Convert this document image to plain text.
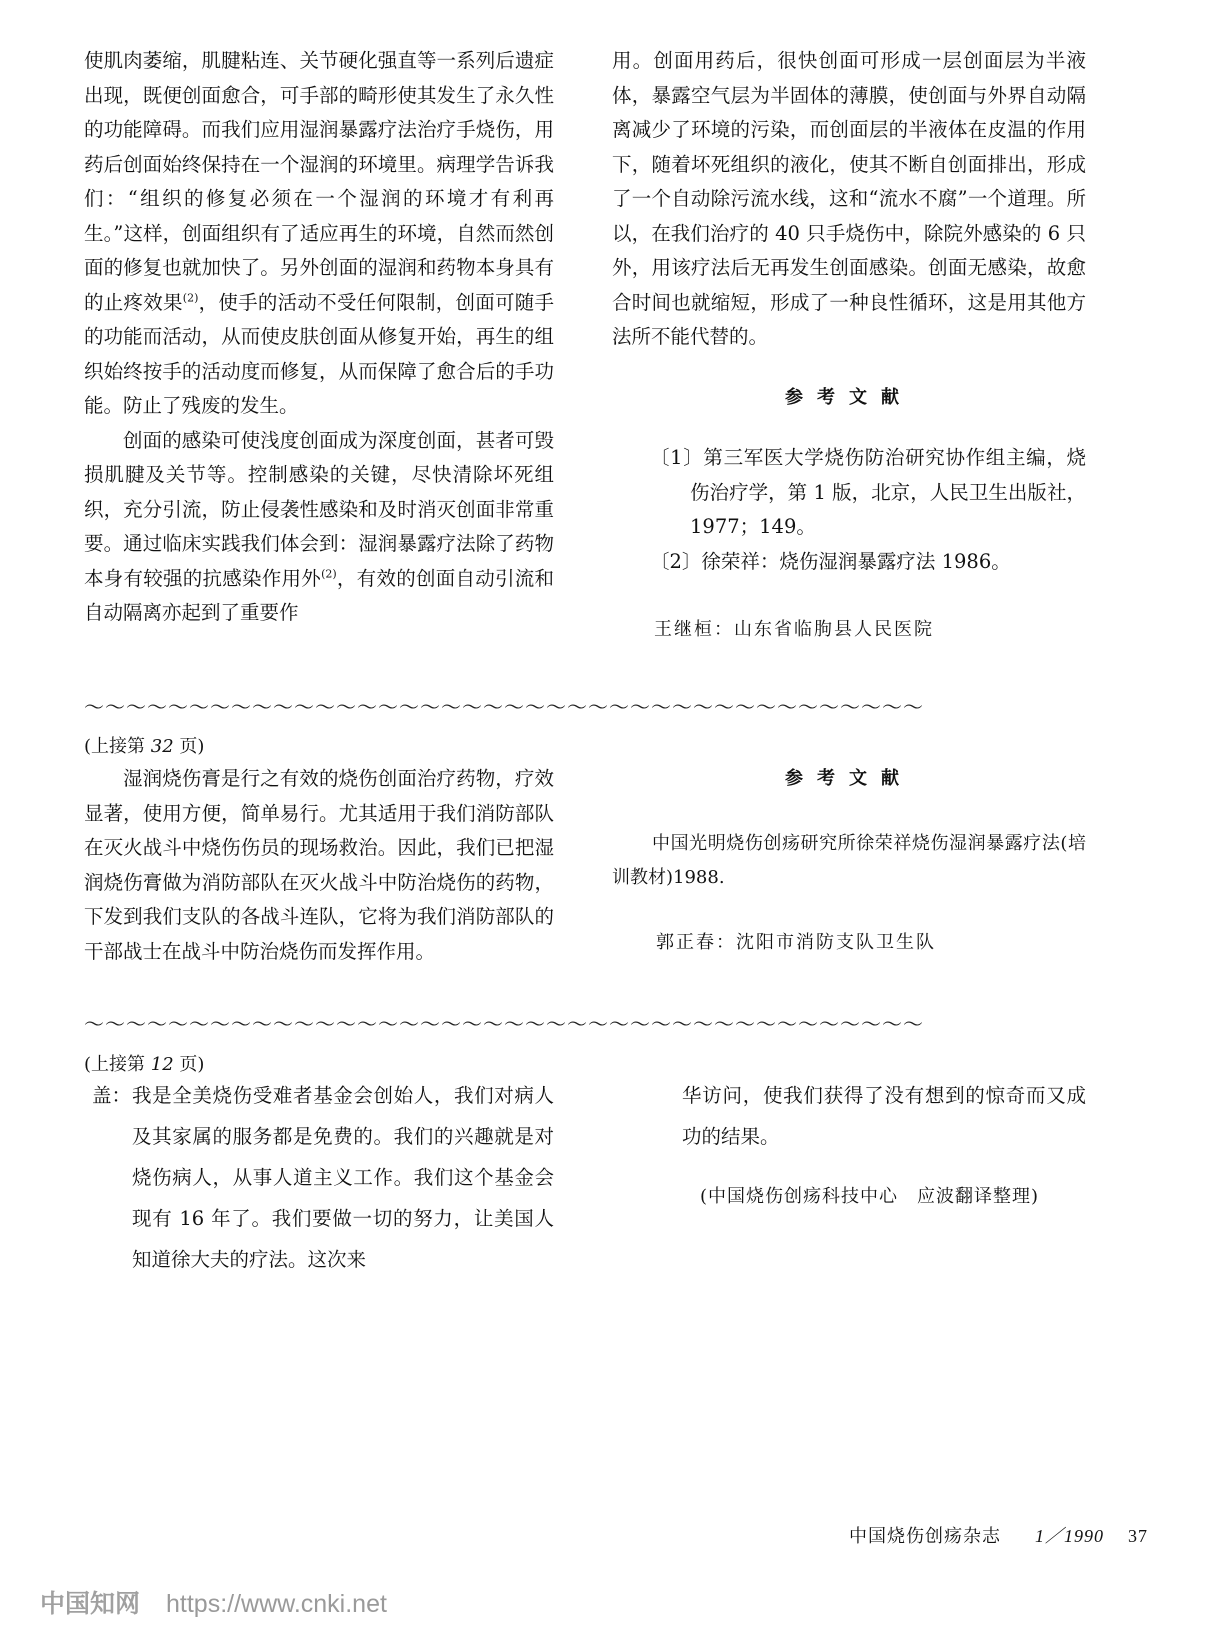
使肌肉萎缩，肌腱粘连、关节硬化强直等一系列后遗症出现，既便创面愈合，可手部的畸形使其发生了永久性的功能障碍。而我们应用湿润暴露疗法治疗手烧伤，用药后创面始终保持在一个湿润的环境里。病理学告诉我们：“组织的修复必须在一个湿润的环境才有利再生。”这样，创面组织有了适应再生的环境，自然而然创面的修复也就加快了。另外创面的湿润和药物本身具有的止疼效果$^{(2)}$，使手的活动不受任何限制，创面可随手的功能而活动，从而使皮肤创面从修复开始，再生的组织始终按手的活动度而修复，从而保障了愈合后的手功能。防止了残废的发生。

创面的感染可使浅度创面成为深度创面，甚者可毁损肌腱及关节等。控制感染的关键，尽快清除坏死组织，充分引流，防止侵袭性感染和及时消灭创面非常重要。通过临床实践我们体会到：湿润暴露疗法除了药物本身有较强的抗感染作用外$^{(2)}$，有效的创面自动引流和自动隔离亦起到了重要作

用。创面用药后，很快创面可形成一层创面层为半液体，暴露空气层为半固体的薄膜，使创面与外界自动隔离减少了环境的污染，而创面层的半液体在皮温的作用下，随着坏死组织的液化，使其不断自创面排出，形成了一个自动除污流水线，这和“流水不腐”一个道理。所以，在我们治疗的 40 只手烧伤中，除院外感染的 6 只外，用该疗法后无再发生创面感染。创面无感染，故愈合时间也就缩短，形成了一种良性循环，这是用其他方法所不能代替的。

参考文献

〔1〕第三军医大学烧伤防治研究协作组主编，烧伤治疗学，第 1 版，北京，人民卫生出版社，1977；149。

〔2〕徐荣祥：烧伤湿润暴露疗法 1986。

王继桓：山东省临朐县人民医院

～～～～～～～～～～～～～～～～～～～～～～～～～～～～～～～～～～～～～～～～
(上接第 32 页)

湿润烧伤膏是行之有效的烧伤创面治疗药物，疗效显著，使用方便，简单易行。尤其适用于我们消防部队在灭火战斗中烧伤伤员的现场救治。因此，我们已把湿润烧伤膏做为消防部队在灭火战斗中防治烧伤的药物，下发到我们支队的各战斗连队，它将为我们消防部队的干部战士在战斗中防治烧伤而发挥作用。

参考文献

中国光明烧伤创疡研究所徐荣祥烧伤湿润暴露疗法(培训教材)1988.

郭正春：沈阳市消防支队卫生队

～～～～～～～～～～～～～～～～～～～～～～～～～～～～～～～～～～～～～～～～
(上接第 12 页)
盖： 我是全美烧伤受难者基金会创始人，我们对病人及其家属的服务都是免费的。我们的兴趣就是对烧伤病人，从事人道主义工作。我们这个基金会现有 16 年了。我们要做一切的努力，让美国人知道徐大夫的疗法。这次来
华访问，使我们获得了没有想到的惊奇而又成功的结果。
(中国烧伤创疡科技中心　应波翻译整理)
中国烧伤创疡杂志 1／1990 37
中国知网 https://www.cnki.net
